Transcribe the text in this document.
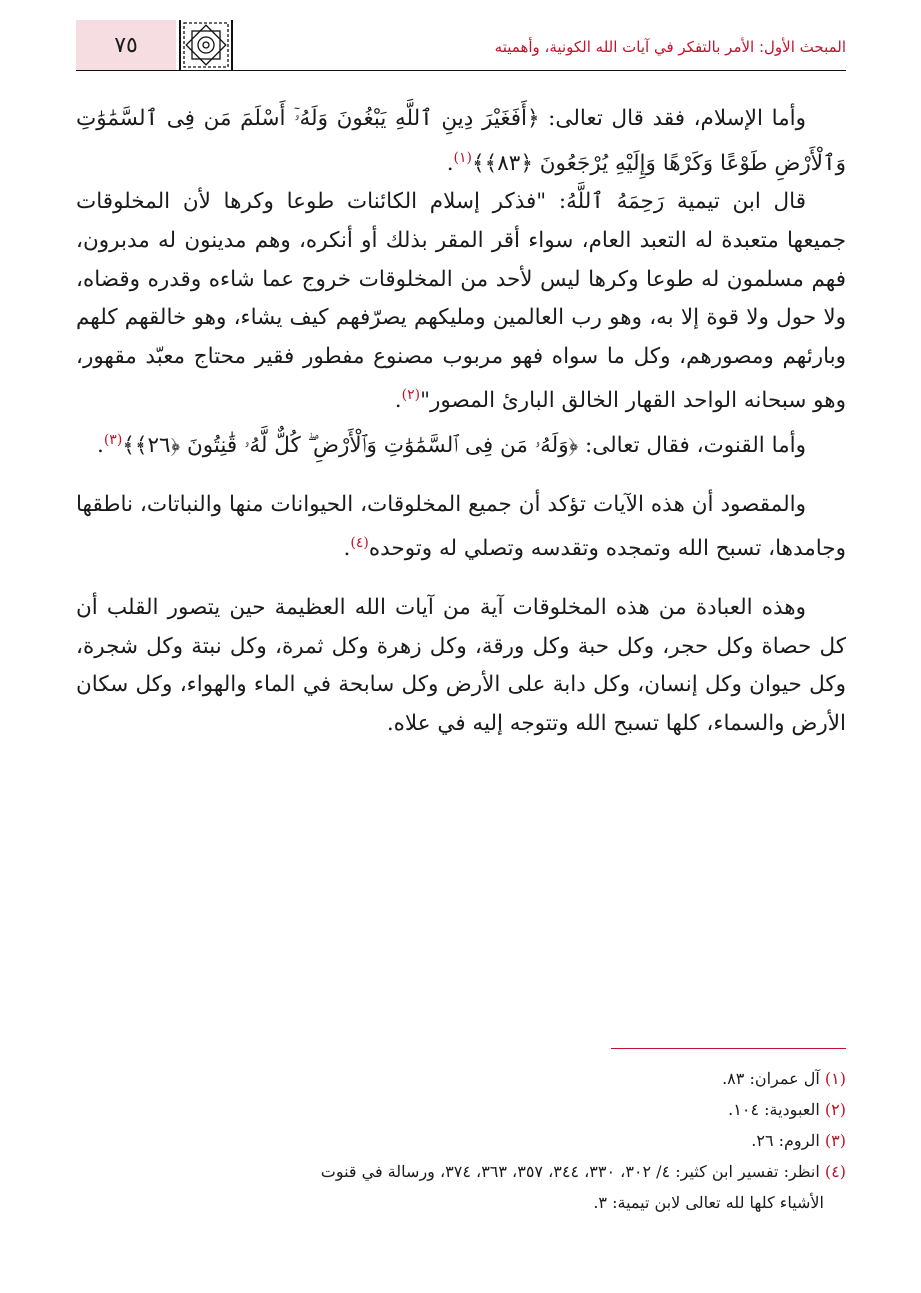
٧٥	المبحث الأول: الأمر بالتفكر في آيات الله الكونية، وأهميته

وأما الإسلام، فقد قال تعالى: ﴿أَفَغَيْرَ دِينِ ٱللَّهِ يَبْغُونَ وَلَهُۥٓ أَسْلَمَ مَن فِى ٱلسَّمَٰوَٰتِ وَٱلْأَرْضِ طَوْعًا وَكَرْهًا وَإِلَيْهِ يُرْجَعُونَ ﴿٨٣﴾﴾$^{(١)}$.

قال ابن تيمية رَحِمَهُ ٱللَّهُ: "فذكر إسلام الكائنات طوعا وكرها لأن المخلوقات جميعها متعبدة له التعبد العام، سواء أقر المقر بذلك أو أنكره، وهم مدينون له مدبرون، فهم مسلمون له طوعا وكرها ليس لأحد من المخلوقات خروج عما شاءه وقدره وقضاه، ولا حول ولا قوة إلا به، وهو رب العالمين ومليكهم يصرّفهم كيف يشاء، وهو خالقهم كلهم وبارئهم ومصورهم، وكل ما سواه فهو مربوب مصنوع مفطور فقير محتاج معبّد مقهور، وهو سبحانه الواحد القهار الخالق البارئ المصور"$^{(٢)}$.

وأما القنوت، فقال تعالى: ﴿وَلَهُۥ مَن فِى ٱلسَّمَٰوَٰتِ وَٱلْأَرْضِ ۖ كُلٌّ لَّهُۥ قَٰنِتُونَ ﴿٢٦﴾﴾$^{(٣)}$.

والمقصود أن هذه الآيات تؤكد أن جميع المخلوقات، الحيوانات منها والنباتات، ناطقها وجامدها، تسبح الله وتمجده وتقدسه وتصلي له وتوحده$^{(٤)}$.

وهذه العبادة من هذه المخلوقات آية من آيات الله العظيمة حين يتصور القلب أن كل حصاة وكل حجر، وكل حبة وكل ورقة، وكل زهرة وكل ثمرة، وكل نبتة وكل شجرة، وكل حيوان وكل إنسان، وكل دابة على الأرض وكل سابحة في الماء والهواء، وكل سكان الأرض والسماء، كلها تسبح الله وتتوجه إليه في علاه.

(١) آل عمران: ٨٣.
(٢) العبودية: ١٠٤.
(٣) الروم: ٢٦.
(٤) انظر: تفسير ابن كثير: ٤/ ٣٠٢، ٣٣٠، ٣٤٤، ٣٥٧، ٣٦٣، ٣٧٤، ورسالة في قنوت
الأشياء كلها لله تعالى لابن تيمية: ٣.
